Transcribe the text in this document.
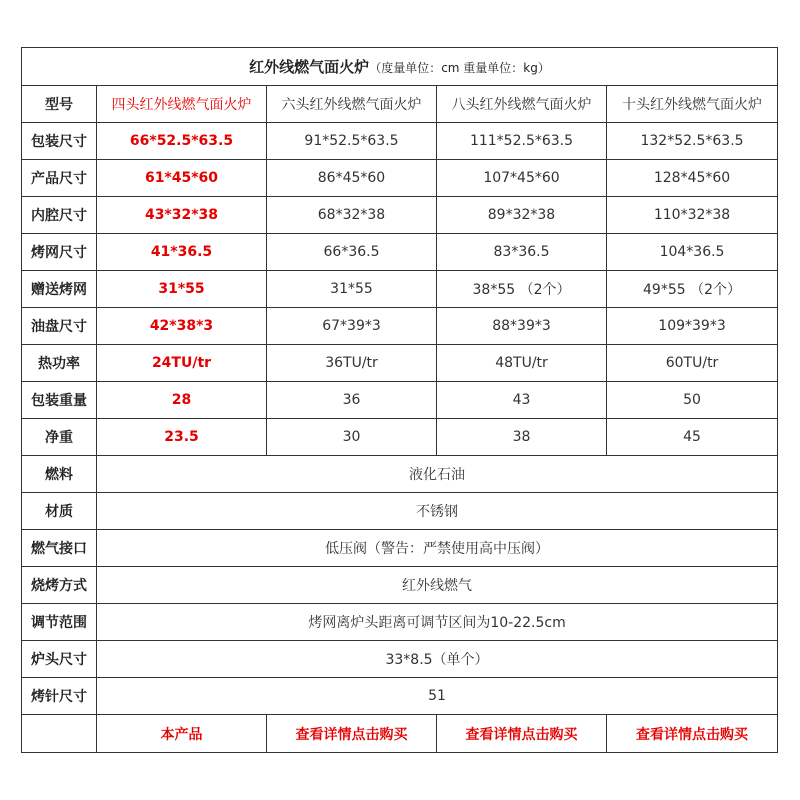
红外线燃气面火炉（度量单位：cm 重量单位：kg）				
型号	四头红外线燃气面火炉	六头红外线燃气面火炉	八头红外线燃气面火炉	十头红外线燃气面火炉
包装尺寸	66*52.5*63.5	91*52.5*63.5	111*52.5*63.5	132*52.5*63.5
产品尺寸	61*45*60	86*45*60	107*45*60	128*45*60
内腔尺寸	43*32*38	68*32*38	89*32*38	110*32*38
烤网尺寸	41*36.5	66*36.5	83*36.5	104*36.5
赠送烤网	31*55	31*55	38*55 （2个）	49*55 （2个）
油盘尺寸	42*38*3	67*39*3	88*39*3	109*39*3
热功率	24TU/tr	36TU/tr	48TU/tr	60TU/tr
包装重量	28	36	43	50
净重	23.5	30	38	45
燃料	液化石油			
材质	不锈钢			
燃气接口	低压阀（警告：严禁使用高中压阀）			
烧烤方式	红外线燃气			
调节范围	烤网离炉头距离可调节区间为10-22.5cm			
炉头尺寸	33*8.5（单个）			
烤针尺寸	51			
	本产品	查看详情点击购买	查看详情点击购买	查看详情点击购买
